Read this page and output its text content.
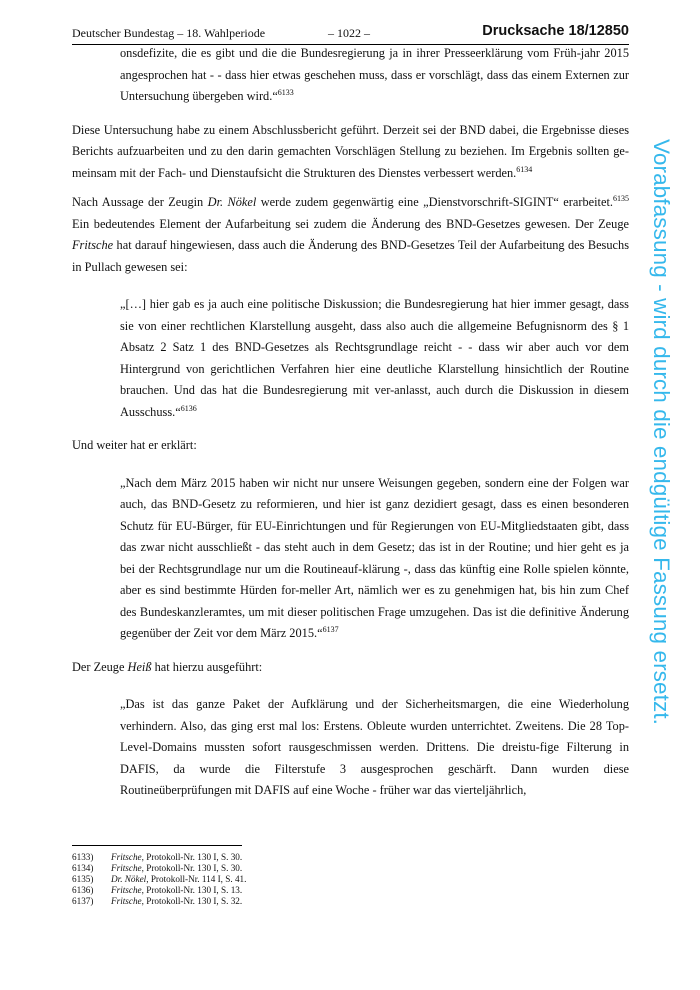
Deutscher Bundestag – 18. Wahlperiode	– 1022 –	Drucksache 18/12850

onsdefizite, die es gibt und die die Bundesregierung ja in ihrer Presseerklärung vom Früh-jahr 2015 angesprochen hat - - dass hier etwas geschehen muss, dass er vorschlägt, dass das einem Externen zur Untersuchung übergeben wird.“$^{6133}$

Diese Untersuchung habe zu einem Abschlussbericht geführt. Derzeit sei der BND dabei, die Ergebnisse dieses Berichts aufzuarbeiten und zu den darin gemachten Vorschlägen Stellung zu beziehen. Im Ergebnis sollten ge-meinsam mit der Fach- und Dienstaufsicht die Strukturen des Dienstes verbessert werden.$^{6134}$

Nach Aussage der Zeugin Dr. Nökel werde zudem gegenwärtig eine „Dienstvorschrift-SIGINT“ erarbeitet.$^{6135}$ Ein bedeutendes Element der Aufarbeitung sei zudem die Änderung des BND-Gesetzes gewesen. Der Zeuge Fritsche hat darauf hingewiesen, dass auch die Änderung des BND-Gesetzes Teil der Aufarbeitung des Besuchs in Pullach gewesen sei:

„[…] hier gab es ja auch eine politische Diskussion; die Bundesregierung hat hier immer gesagt, dass sie von einer rechtlichen Klarstellung ausgeht, dass also auch die allgemeine Befugnisnorm des § 1 Absatz 2 Satz 1 des BND-Gesetzes als Rechtsgrundlage reicht - - dass wir aber auch vor dem Hintergrund von gerichtlichen Verfahren hier eine deutliche Klarstellung hinsichtlich der Routine brauchen. Und das hat die Bundesregierung mit ver-anlasst, auch durch die Diskussion in diesem Ausschuss.“$^{6136}$

Und weiter hat er erklärt:

„Nach dem März 2015 haben wir nicht nur unsere Weisungen gegeben, sondern eine der Folgen war auch, das BND-Gesetz zu reformieren, und hier ist ganz dezidiert gesagt, dass es einen besonderen Schutz für EU-Bürger, für EU-Einrichtungen und für Regierungen von EU-Mitgliedstaaten gibt, dass das zwar nicht ausschließt - das steht auch in dem Gesetz; das ist in der Routine; und hier geht es ja bei der Rechtsgrundlage nur um die Routineauf-klärung -, dass das künftig eine Rolle spielen könnte, aber es sind bestimmte Hürden for-meller Art, nämlich wer es zu genehmigen hat, bis hin zum Chef des Bundeskanzleramtes, um mit dieser politischen Frage umzugehen. Das ist die definitive Änderung gegenüber der Zeit vor dem März 2015.“$^{6137}$

Der Zeuge Heiß hat hierzu ausgeführt:

„Das ist das ganze Paket der Aufklärung und der Sicherheitsmargen, die eine Wiederholung verhindern. Also, das ging erst mal los: Erstens. Obleute wurden unterrichtet. Zweitens. Die 28 Top-Level-Domains mussten sofort rausgeschmissen werden. Drittens. Die dreistu-fige Filterung in DAFIS, da wurde die Filterstufe 3 ausgesprochen geschärft. Dann wurden diese Routineüberprüfungen mit DAFIS auf eine Woche - früher war das vierteljährlich,

6133)	Fritsche, Protokoll-Nr. 130 I, S. 30.
6134)	Fritsche, Protokoll-Nr. 130 I, S. 30.
6135)	Dr. Nökel, Protokoll-Nr. 114 I, S. 41.
6136)	Fritsche, Protokoll-Nr. 130 I, S. 13.
6137)	Fritsche, Protokoll-Nr. 130 I, S. 32.
Vorabfassung - wird durch die endgültige Fassung ersetzt.
